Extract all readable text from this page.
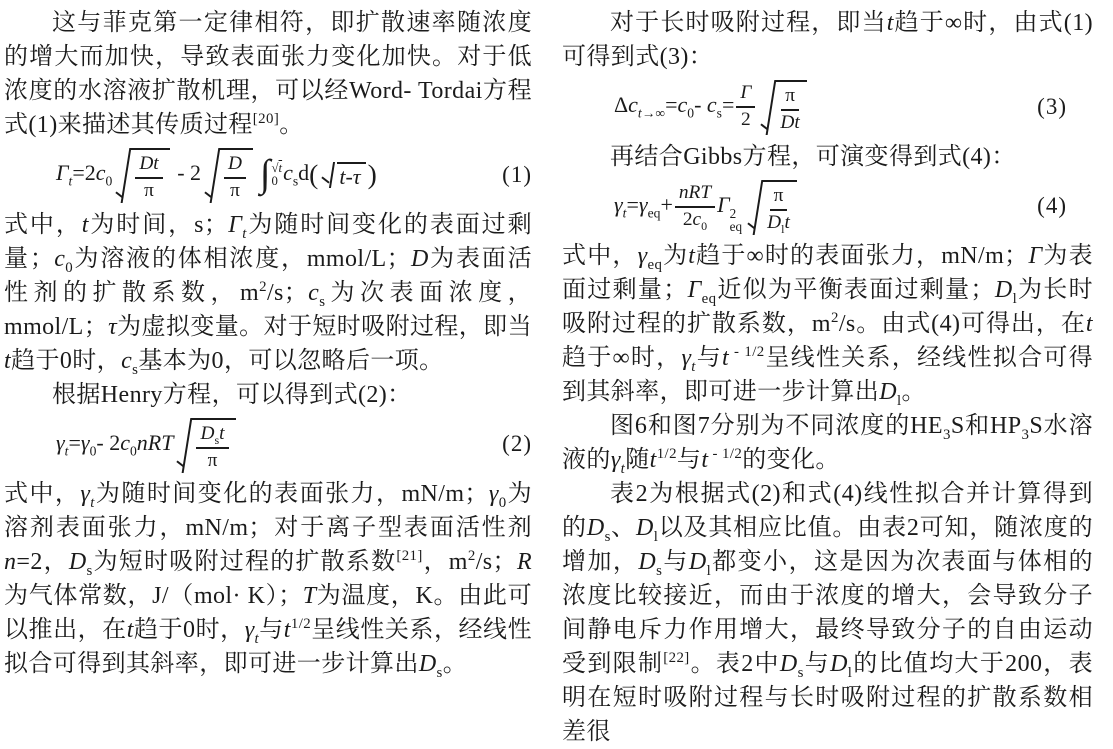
这与菲克第一定律相符，即扩散速率随浓度的增大而加快，导致表面张力变化加快。对于低浓度的水溶液扩散机理，可以经Word- Tordai方程式(1)来描述其传质过程[20]。

$\Gamma_t=2c_0 \frac{Dt}{\pi} - 2 \frac{D}{\pi}$ ∫ √t
0 $c_sd$( t - τ )	(1)

式中，t为时间，s；$\Gamma_t$为随时间变化的表面过剩量；$c_0$为溶液的体相浓度，mmol/L；D为表面活性剂的扩散系数，$m^2/s$；$c_s$为次表面浓度，mmol/L；τ为虚拟变量。对于短时吸附过程，即当t趋于0时，$c_s$基本为0，可以忽略后一项。

根据Henry方程，可以得到式(2)：

$\gamma_t=\gamma_0-$ $2c_0nRT \frac{D_st}{\pi}$	(2)

式中，$\gamma_t$为随时间变化的表面张力，mN/m；$\gamma_0$为溶剂表面张力，mN/m；对于离子型表面活性剂n=2，$D_s$为短时吸附过程的扩散系数[21]，$m^2/s$；R为气体常数，J/（mol· K）；T为温度，K。由此可以推出，在t趋于0时，$\gamma_t$与$t^{1/2}$呈线性关系，经线性拟合可得到其斜率，即可进一步计算出$D_s$。

对于长时吸附过程，即当t趋于∞时，由式(1)可得到式(3)：

$\Delta c_{t\to\infty}=c_0-$ $c_s= \frac{\Gamma}{2} \frac{\pi}{Dt}$	(3)

再结合Gibbs方程，可演变得到式(4)：

$\gamma_t=\gamma_{eq}+ \frac{\text{nRT}}{2c_0}$ Γ 2
eq $\frac{\pi}{D_lt}$	(4)

式中，$\gamma_{eq}$为t趋于∞时的表面张力，mN/m；Γ为表面过剩量；$\Gamma_{eq}$近似为平衡表面过剩量；$D_l$为长时吸附过程的扩散系数，$m^2/s$。由式(4)可得出，在t趋于∞时，$\gamma_t$与t $^{- 1/2}$呈线性关系，经线性拟合可得到其斜率，即可进一步计算出$D_l$。

图6和图7分别为不同浓度的$HE_3S$和$HP_3S$水溶液的$\gamma_t$随$t^{1/2}$与t $^{- 1/2}$的变化。

表2为根据式(2)和式(4)线性拟合并计算得到的$D_s$、$D_l$以及其相应比值。由表2可知，随浓度的增加，$D_s$与$D_l$都变小，这是因为次表面与体相的浓度比较接近，而由于浓度的增大，会导致分子间静电斥力作用增大，最终导致分子的自由运动受到限制[22]。表2中$D_s$与$D_l$的比值均大于200，表明在短时吸附过程与长时吸附过程的扩散系数相差很
